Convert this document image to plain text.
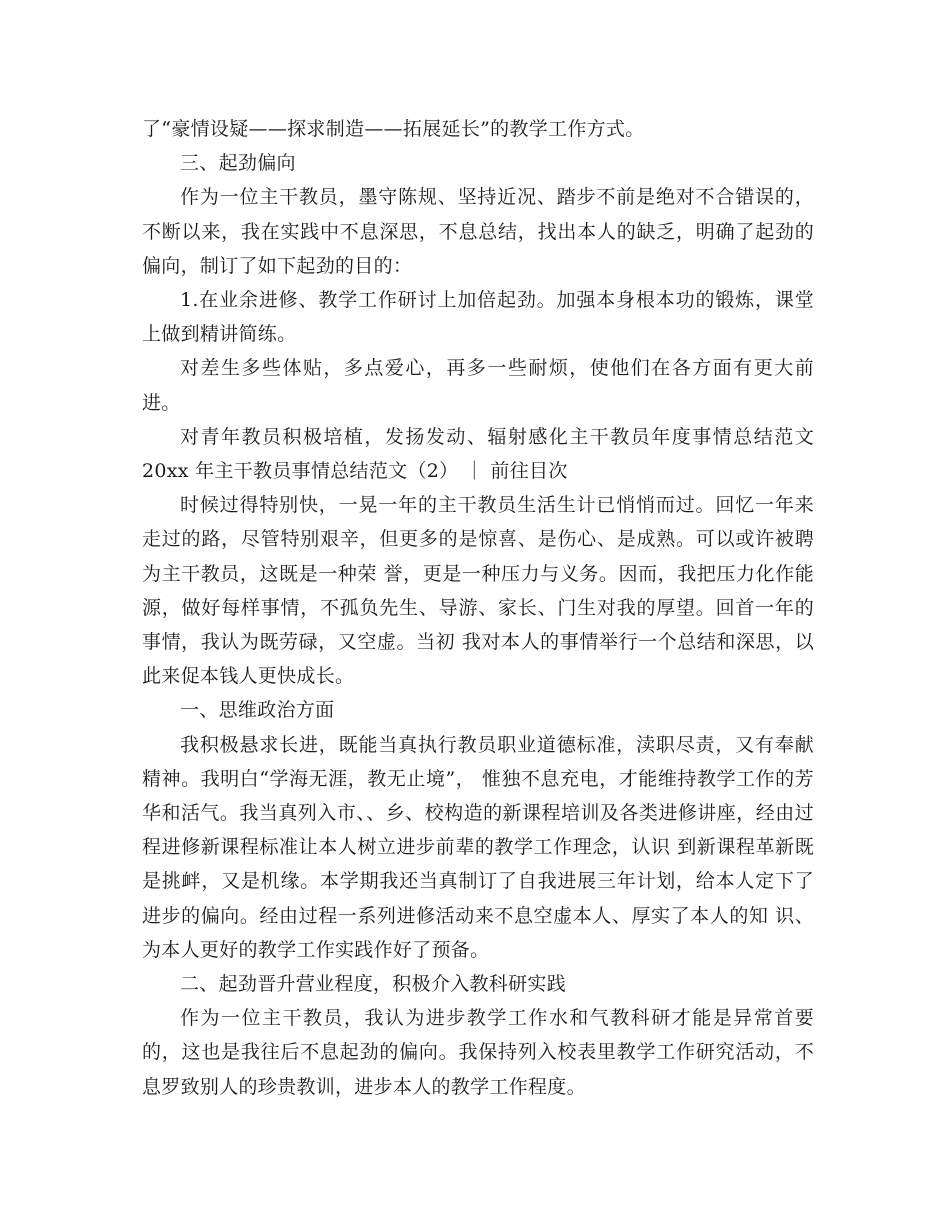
了“豪情设疑——探求制造——拓展延长”的教学工作方式。

三、起劲偏向

作为一位主干教员，墨守陈规、坚持近况、踏步不前是绝对不合错误的，不断以来，我在实践中不息深思，不息总结，找出本人的缺乏，明确了起劲的偏向，制订了如下起劲的目的：

1.在业余进修、教学工作研讨上加倍起劲。加强本身根本功的锻炼，课堂上做到精讲简练。

对差生多些体贴，多点爱心，再多一些耐烦，使他们在各方面有更大前进。

对青年教员积极培植，发扬发动、辐射感化主干教员年度事情总结范文 20xx 年主干教员事情总结范文（2） ｜ 前往目次

时候过得特别快，一晃一年的主干教员生活生计已悄悄而过。回忆一年来走过的路，尽管特别艰辛，但更多的是惊喜、是伤心、是成熟。可以或许被聘为主干教员，这既是一种荣 誉，更是一种压力与义务。因而，我把压力化作能源，做好每样事情，不孤负先生、导游、家长、门生对我的厚望。回首一年的事情，我认为既劳碌，又空虚。当初 我对本人的事情举行一个总结和深思，以此来促本钱人更快成长。

一、思维政治方面

我积极悬求长进，既能当真执行教员职业道德标准，渎职尽责，又有奉献精神。我明白“学海无涯，教无止境”， 惟独不息充电，才能维持教学工作的芳华和活气。我当真列入市、、乡、校构造的新课程培训及各类进修讲座，经由过程进修新课程标准让本人树立进步前辈的教学工作理念，认识 到新课程革新既是挑衅，又是机缘。本学期我还当真制订了自我进展三年计划，给本人定下了进步的偏向。经由过程一系列进修活动来不息空虚本人、厚实了本人的知 识、为本人更好的教学工作实践作好了预备。

二、起劲晋升营业程度，积极介入教科研实践

作为一位主干教员，我认为进步教学工作水和气教科研才能是异常首要的，这也是我往后不息起劲的偏向。我保持列入校表里教学工作研究活动，不息罗致别人的珍贵教训，进步本人的教学工作程度。
